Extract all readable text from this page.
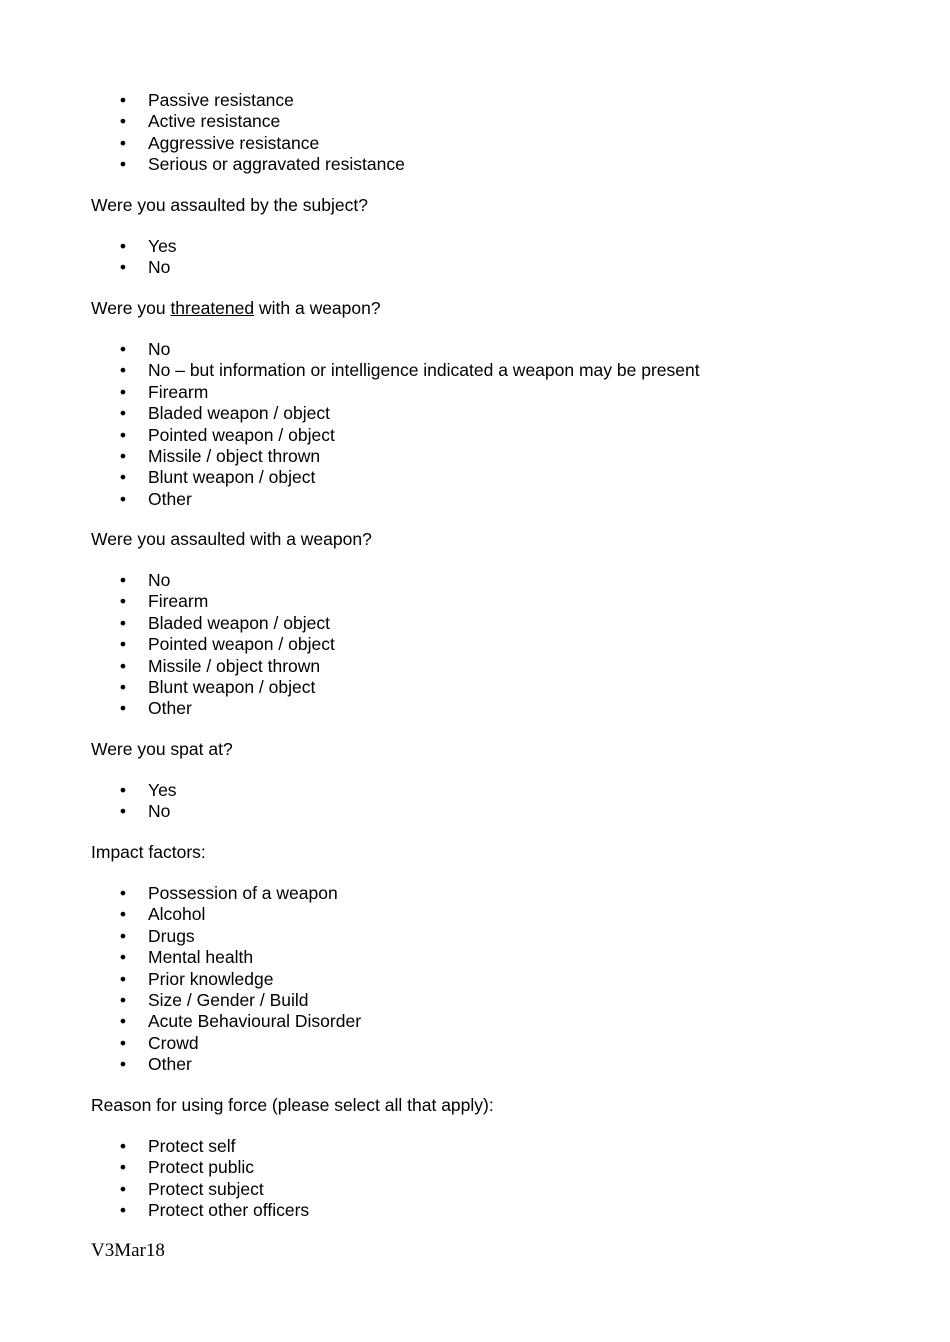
• Passive resistance
• Active resistance
• Aggressive resistance
• Serious or aggravated resistance
Were you assaulted by the subject?
• Yes
• No
Were you threatened with a weapon?
• No
• No – but information or intelligence indicated a weapon may be present
• Firearm
• Bladed weapon / object
• Pointed weapon / object
• Missile / object thrown
• Blunt weapon / object
• Other
Were you assaulted with a weapon?
• No
• Firearm
• Bladed weapon / object
• Pointed weapon / object
• Missile / object thrown
• Blunt weapon / object
• Other
Were you spat at?
• Yes
• No
Impact factors:
• Possession of a weapon
• Alcohol
• Drugs
• Mental health
• Prior knowledge
• Size / Gender / Build
• Acute Behavioural Disorder
• Crowd
• Other
Reason for using force (please select all that apply):
• Protect self
• Protect public
• Protect subject
• Protect other officers
V3Mar18
